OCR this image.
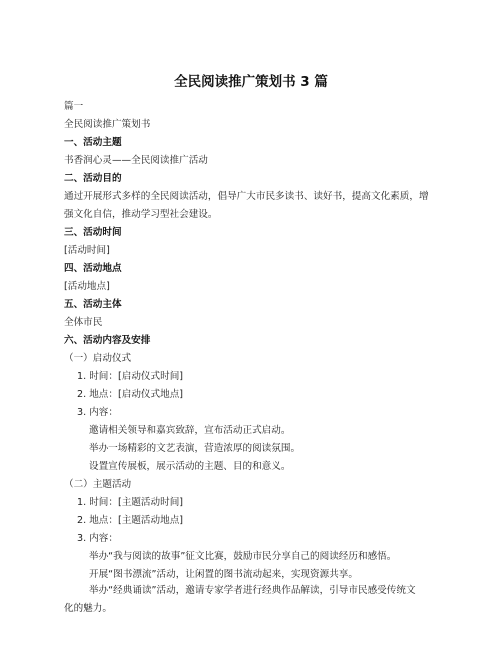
全民阅读推广策划书 3 篇
篇一
全民阅读推广策划书
一、活动主题
书香润心灵——全民阅读推广活动
二、活动目的
通过开展形式多样的全民阅读活动，倡导广大市民多读书、读好书，提高文化素质，增强文化自信，推动学习型社会建设。
三、活动时间
[活动时间]
四、活动地点
[活动地点]
五、活动主体
全体市民
六、活动内容及安排
（一）启动仪式
1. 时间：[启动仪式时间]
2. 地点：[启动仪式地点]
3. 内容：
邀请相关领导和嘉宾致辞，宣布活动正式启动。
举办一场精彩的文艺表演，营造浓厚的阅读氛围。
设置宣传展板，展示活动的主题、目的和意义。
（二）主题活动
1. 时间：[主题活动时间]
2. 地点：[主题活动地点]
3. 内容：
举办“我与阅读的故事”征文比赛，鼓励市民分享自己的阅读经历和感悟。
开展“图书漂流”活动，让闲置的图书流动起来，实现资源共享。
举办“经典诵读”活动，邀请专家学者进行经典作品解读，引导市民感受传统文化的魅力。
